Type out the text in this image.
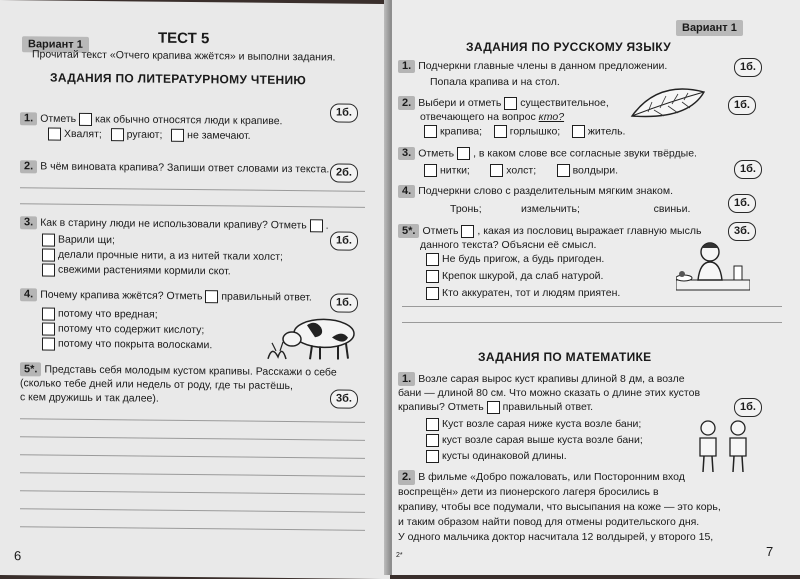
Вариант 1	ТЕСТ 5
Прочитай текст «Отчего крапива жжётся» и выполни задания.
ЗАДАНИЯ ПО ЛИТЕРАТУРНОМУ ЧТЕНИЮ
1. Отметь как обычно относятся люди к крапиве.
1б.
Хвалят; ругают; не замечают.
2. В чём виновата крапива? Запиши ответ словами из текста. 2б.
3. Как в старину люди не использовали крапиву? Отметь .
1б.
Варили щи;
делали прочные нити, а из нитей ткали холст;
свежими растениями кормили скот.
4. Почему крапива жжётся? Отметь правильный ответ.	1б.
потому что вредная;
потому что содержит кислоту;
потому что покрыта волосками.
5*. Представь себя молодым кустом крапивы. Расскажи о себе
(сколько тебе дней или недель от роду, где ты растёшь,
с кем дружишь и так далее).	3б.
6
Вариант 1
ЗАДАНИЯ ПО РУССКОМУ ЯЗЫКУ
1. Подчеркни главные члены в данном предложении.
Попала крапива и на стол.
1б.
2. Выбери и отметь существительное,
отвечающего на вопрос кто?
1б.
крапива;	горлышко;	житель.
3. Отметь , в каком слове все согласные звуки твёрдые.
1б.
нитки;	холст;	волдыри.
4. Подчеркни слово с разделительным мягким знаком.
Тронь;	измельчить;	свиньи.	1б.
5*. Отметь , какая из пословиц выражает главную мысль
данного текста? Объясни её смысл.
3б.
Не будь пригож, а будь пригоден.
Крепок шкурой, да слаб натурой.
Кто аккуратен, тот и людям приятен.
ЗАДАНИЯ ПО МАТЕМАТИКЕ
1. Возле сарая вырос куст крапивы длиной 8 дм, а возле
бани — длиной 80 см. Что можно сказать о длине этих кустов
крапивы? Отметь правильный ответ.	1б.
Куст возле сарая ниже куста возле бани;
куст возле сарая выше куста возле бани;
кусты одинаковой длины.
2. В фильме «Добро пожаловать, или Посторонним вход
воспрещён» дети из пионерского лагеря бросились в
крапиву, чтобы все подумали, что высыпания на коже — это корь,
и таким образом найти повод для отмены родительского дня.
У одного мальчика доктор насчитала 12 волдырей, у второго 15,
2*	7
